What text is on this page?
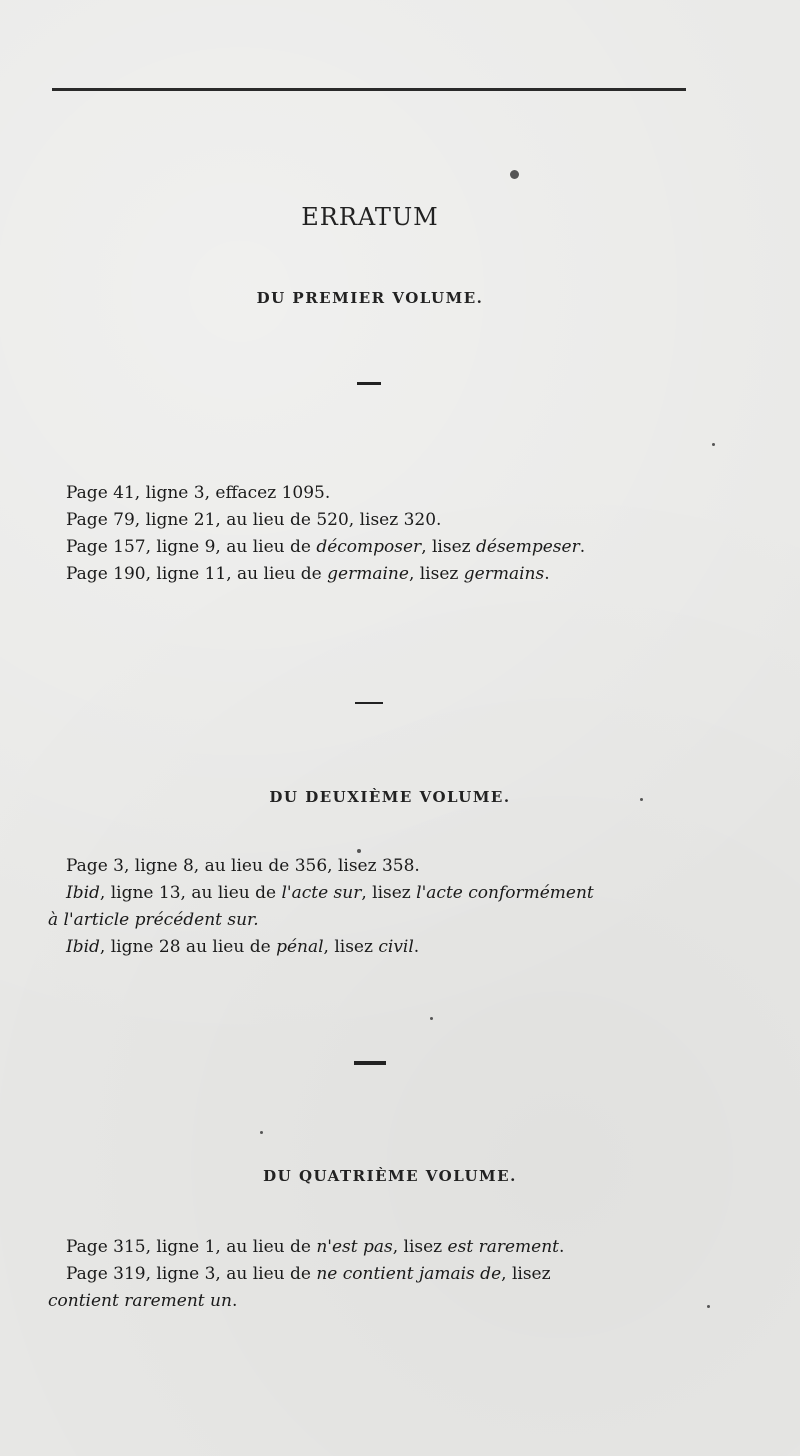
ERRATUM
DU PREMIER VOLUME.
Page 41, ligne 3, effacez 1095.
Page 79, ligne 21, au lieu de 520, lisez 320.
Page 157, ligne 9, au lieu de décomposer, lisez désempeser.
Page 190, ligne 11, au lieu de germaine, lisez germains.
DU DEUXIÈME VOLUME.
Page 3, ligne 8, au lieu de 356, lisez 358.
Ibid, ligne 13, au lieu de l'acte sur, lisez l'acte conformément
à l'article précédent sur.
Ibid, ligne 28 au lieu de pénal, lisez civil.
DU QUATRIÈME VOLUME.
Page 315, ligne 1, au lieu de n'est pas, lisez est rarement.
Page 319, ligne 3, au lieu de ne contient jamais de, lisez
contient rarement un.
